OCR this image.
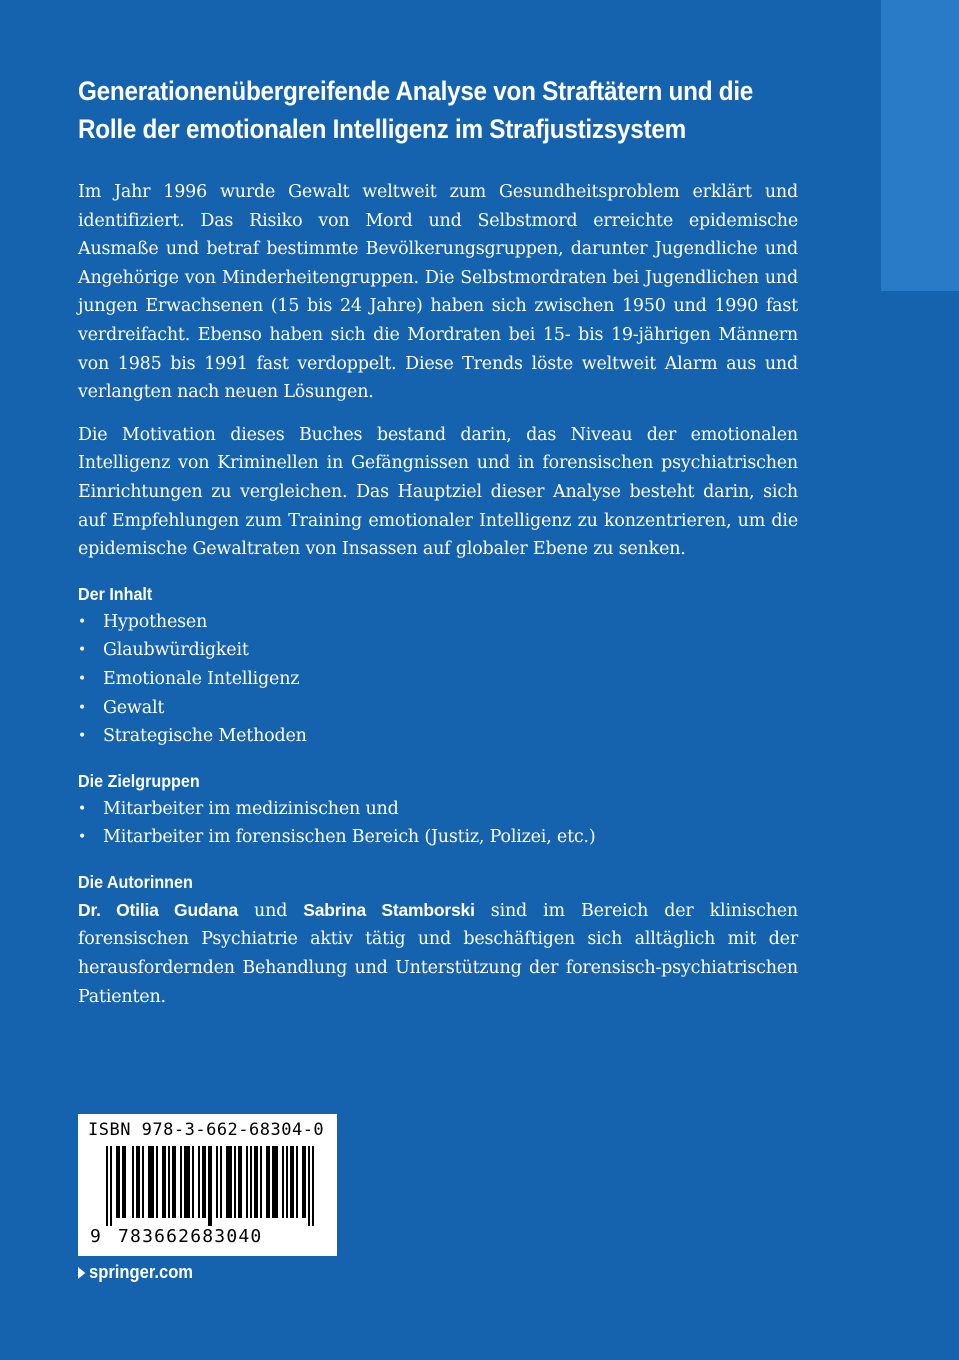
Generationenübergreifende Analyse von Straftätern und die
Rolle der emotionalen Intelligenz im Strafjustizsystem

Im Jahr 1996 wurde Gewalt weltweit zum Gesundheitsproblem erklärt und identifiziert. Das Risiko von Mord und Selbstmord erreichte epidemische Ausmaße und betraf bestimmte Bevölkerungsgruppen, darunter Jugendliche und Angehörige von Minderheitengruppen. Die Selbstmordraten bei Jugendlichen und jungen Erwachsenen (15 bis 24 Jahre) haben sich zwischen 1950 und 1990 fast verdreifacht. Ebenso haben sich die Mordraten bei 15- bis 19-jährigen Männern von 1985 bis 1991 fast verdoppelt. Diese Trends löste weltweit Alarm aus und verlangten nach neuen Lösungen.

Die Motivation dieses Buches bestand darin, das Niveau der emotionalen Intelligenz von Kriminellen in Gefängnissen und in forensischen psychiatrischen Einrichtungen zu vergleichen. Das Hauptziel dieser Analyse besteht darin, sich auf Empfehlungen zum Training emotionaler Intelligenz zu konzentrieren, um die epidemische Gewaltraten von Insassen auf globaler Ebene zu senken.

Der Inhalt
• Hypothesen
• Glaubwürdigkeit
• Emotionale Intelligenz
• Gewalt
• Strategische Methoden
Die Zielgruppen
• Mitarbeiter im medizinischen und
• Mitarbeiter im forensischen Bereich (Justiz, Polizei, etc.)
Die Autorinnen

Dr. Otilia Gudana und Sabrina Stamborski sind im Bereich der klinischen forensischen Psychiatrie aktiv tätig und beschäftigen sich alltäglich mit der herausfordernden Behandlung und Unterstützung der forensisch-psychiatrischen Patienten.

ISBN 978-3-662-68304-0
9 783662683040
springer.com
